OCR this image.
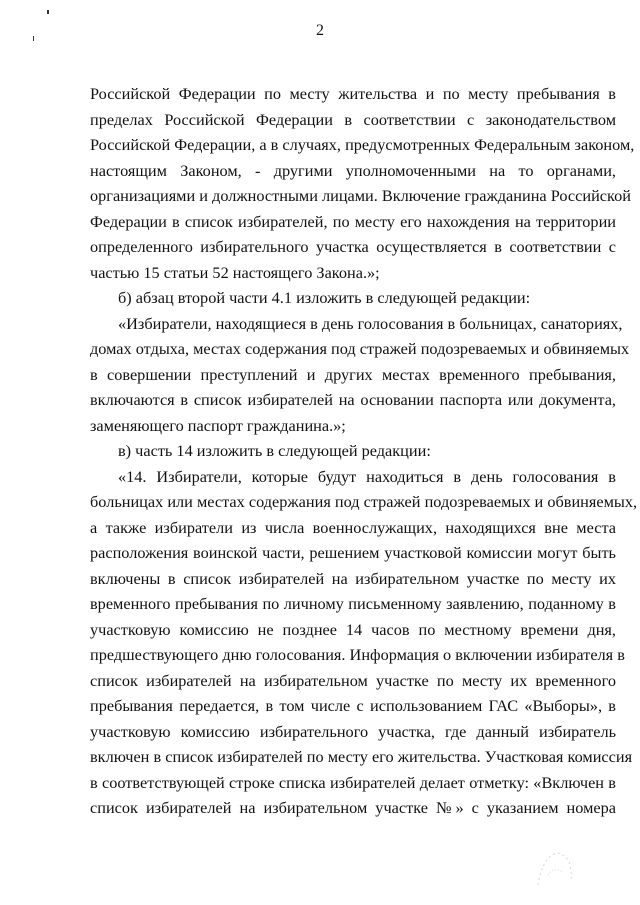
2
Российской Федерации по месту жительства и по месту пребывания в
пределах Российской Федерации в соответствии с законодательством
Российской Федерации, а в случаях, предусмотренных Федеральным законом,
настоящим Законом, - другими уполномоченными на то органами,
организациями и должностными лицами. Включение гражданина Российской
Федерации в список избирателей, по месту его нахождения на территории
определенного избирательного участка осуществляется в соответствии с
частью 15 статьи 52 настоящего Закона.»;
б) абзац второй части 4.1 изложить в следующей редакции:
«Избиратели, находящиеся в день голосования в больницах, санаториях,
домах отдыха, местах содержания под стражей подозреваемых и обвиняемых
в совершении преступлений и других местах временного пребывания,
включаются в список избирателей на основании паспорта или документа,
заменяющего паспорт гражданина.»;
в) часть 14 изложить в следующей редакции:
«14. Избиратели, которые будут находиться в день голосования в
больницах или местах содержания под стражей подозреваемых и обвиняемых,
а также избиратели из числа военнослужащих, находящихся вне места
расположения воинской части, решением участковой комиссии могут быть
включены в список избирателей на избирательном участке по месту их
временного пребывания по личному письменному заявлению, поданному в
участковую комиссию не позднее 14 часов по местному времени дня,
предшествующего дню голосования. Информация о включении избирателя в
список избирателей на избирательном участке по месту их временного
пребывания передается, в том числе с использованием ГАС «Выборы», в
участковую комиссию избирательного участка, где данный избиратель
включен в список избирателей по месту его жительства. Участковая комиссия
в соответствующей строке списка избирателей делает отметку: «Включен в
список избирателей на избирательном участке №» с указанием номера
